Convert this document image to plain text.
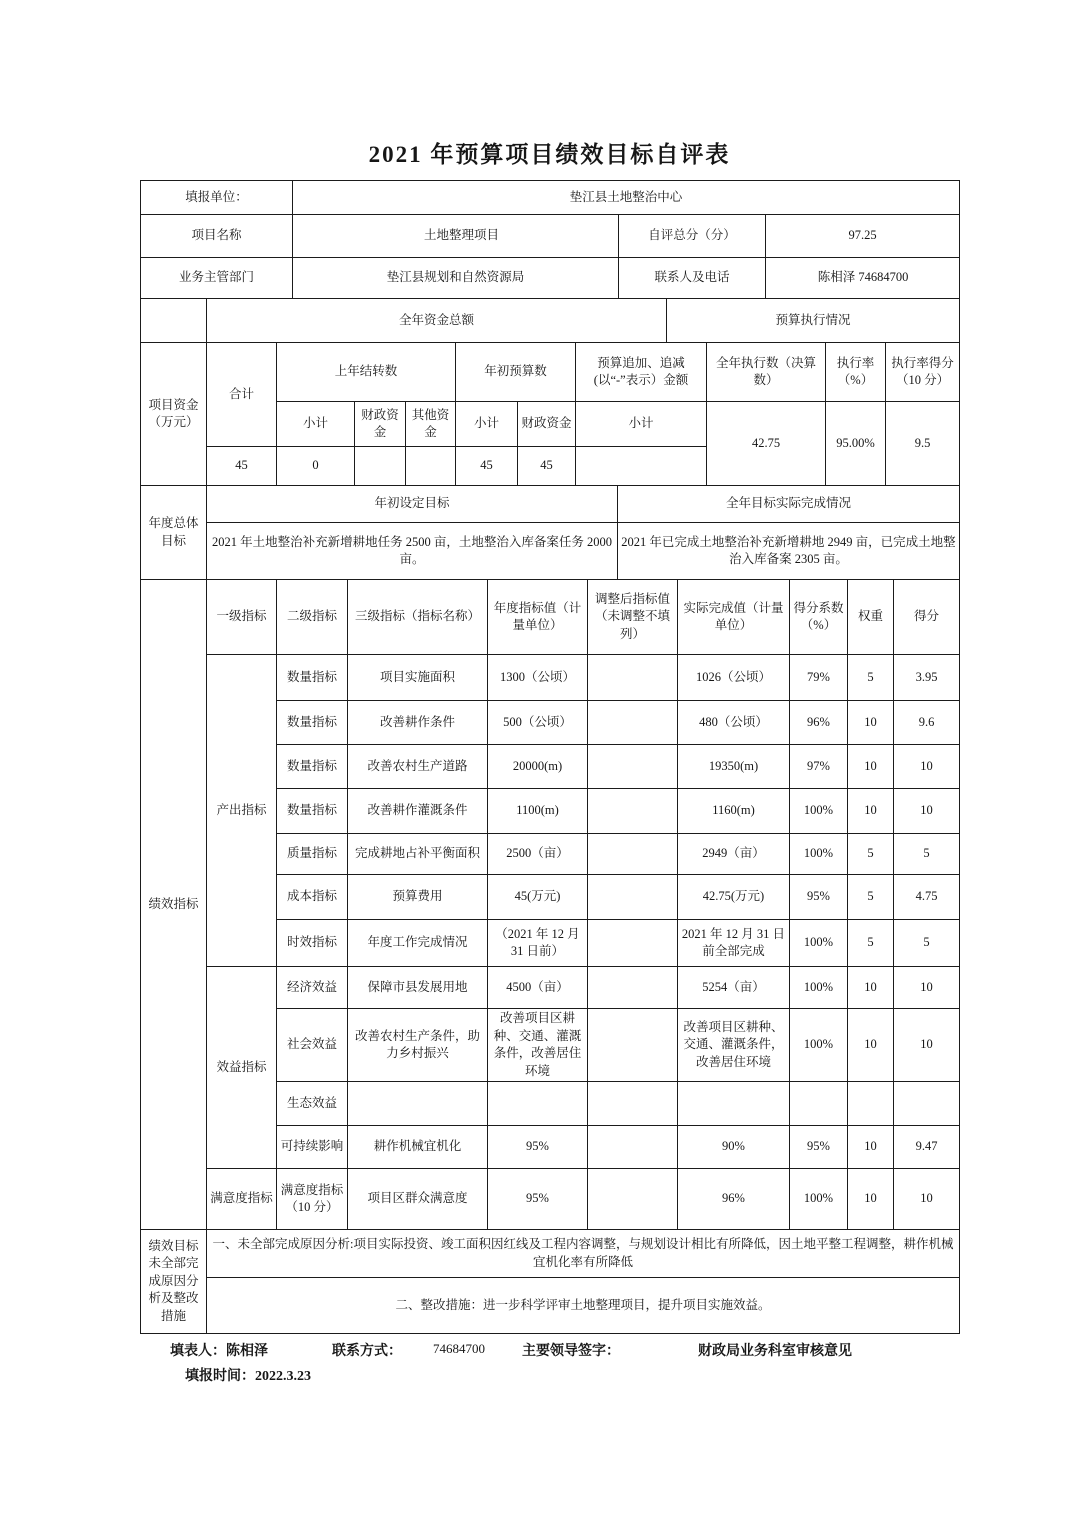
2021 年预算项目绩效目标自评表
填报单位：	垫江县土地整治中心		
项目名称	土地整理项目	自评总分（分）	97.25
业务主管部门	垫江县规划和自然资源局	联系人及电话	陈相泽 74684700
	全年资金总额	预算执行情况
项目资金（万元）	合计	上年结转数			年初预算数		预算追加、追减(以“-”表示）金额	全年执行数（决算数）	执行率（%）	执行率得分（10 分）
		小计	财政资金	其他资金	小计	财政资金	小计	42.75	95.00%	9.5
	45	0			45	45				
年度总体目标	年初设定目标	全年目标实际完成情况
	2021 年土地整治补充新增耕地任务 2500 亩，土地整治入库备案任务 2000 亩。	2021 年已完成土地整治补充新增耕地 2949 亩，已完成土地整治入库备案 2305 亩。
绩效指标	一级指标	二级指标	三级指标（指标名称）	年度指标值（计量单位）	调整后指标值（未调整不填列）	实际完成值（计量单位）	得分系数（%）	权重	得分
	产出指标	数量指标	项目实施面积	1300（公顷）		1026（公顷）	79%	5	3.95
		数量指标	改善耕作条件	500（公顷）		480（公顷）	96%	10	9.6
		数量指标	改善农村生产道路	20000(m)		19350(m)	97%	10	10
		数量指标	改善耕作灌溉条件	1100(m)		1160(m)	100%	10	10
		质量指标	完成耕地占补平衡面积	2500（亩）		2949（亩）	100%	5	5
		成本指标	预算费用	45(万元)		42.75(万元)	95%	5	4.75
		时效指标	年度工作完成情况	（2021 年 12 月 31 日前）		2021 年 12 月 31 日前全部完成	100%	5	5
	效益指标	经济效益	保障市县发展用地	4500（亩）		5254（亩）	100%	10	10
		社会效益	改善农村生产条件，助力乡村振兴	改善项目区耕种、交通、灌溉条件，改善居住环境		改善项目区耕种、交通、灌溉条件，改善居住环境	100%	10	10
		生态效益							
		可持续影响	耕作机械宜机化	95%		90%	95%	10	9.47
	满意度指标	满意度指标（10 分）	项目区群众满意度	95%		96%	100%	10	10
绩效目标未全部完成原因分析及整改措施	一、未全部完成原因分析:项目实际投资、竣工面积因红线及工程内容调整，与规划设计相比有所降低，因土地平整工程调整，耕作机械宜机化率有所降低
二、整改措施：进一步科学评审土地整理项目，提升项目实施效益。
填表人：陈相泽	联系方式： 74684700	主要领导签字：	财政局业务科室审核意见
填报时间：2022.3.23
